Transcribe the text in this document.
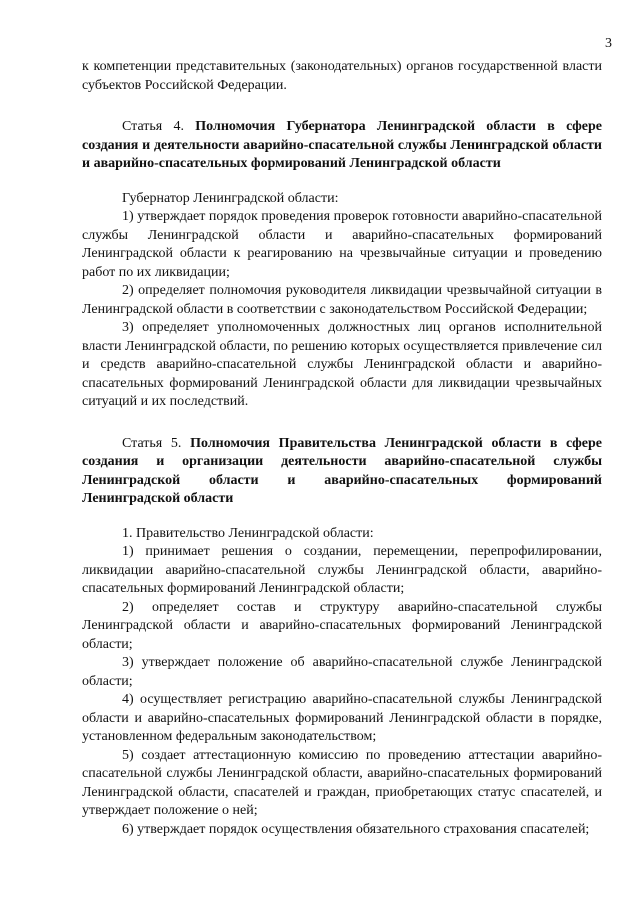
3

к компетенции представительных (законодательных) органов государственной власти субъектов Российской Федерации.

Статья 4. Полномочия Губернатора Ленинградской области в сфере создания и деятельности аварийно-спасательной службы Ленинградской области и аварийно-спасательных формирований Ленинградской области

Губернатор Ленинградской области:

1) утверждает порядок проведения проверок готовности аварийно-спасательной службы Ленинградской области и аварийно-спасательных формирований Ленинградской области к реагированию на чрезвычайные ситуации и проведению работ по их ликвидации;

2) определяет полномочия руководителя ликвидации чрезвычайной ситуации в Ленинградской области в соответствии с законодательством Российской Федерации;

3) определяет уполномоченных должностных лиц органов исполнительной власти Ленинградской области, по решению которых осуществляется привлечение сил и средств аварийно-спасательной службы Ленинградской области и аварийно-спасательных формирований Ленинградской области для ликвидации чрезвычайных ситуаций и их последствий.

Статья 5. Полномочия Правительства Ленинградской области в сфере создания и организации деятельности аварийно-спасательной службы Ленинградской области и аварийно-спасательных формирований Ленинградской области

1. Правительство Ленинградской области:

1) принимает решения о создании, перемещении, перепрофилировании, ликвидации аварийно-спасательной службы Ленинградской области, аварийно-спасательных формирований Ленинградской области;

2) определяет состав и структуру аварийно-спасательной службы Ленинградской области и аварийно-спасательных формирований Ленинградской области;

3) утверждает положение об аварийно-спасательной службе Ленинградской области;

4) осуществляет регистрацию аварийно-спасательной службы Ленинградской области и аварийно-спасательных формирований Ленинградской области в порядке, установленном федеральным законодательством;

5) создает аттестационную комиссию по проведению аттестации аварийно-спасательной службы Ленинградской области, аварийно-спасательных формирований Ленинградской области, спасателей и граждан, приобретающих статус спасателей, и утверждает положение о ней;

6) утверждает порядок осуществления обязательного страхования спасателей;
